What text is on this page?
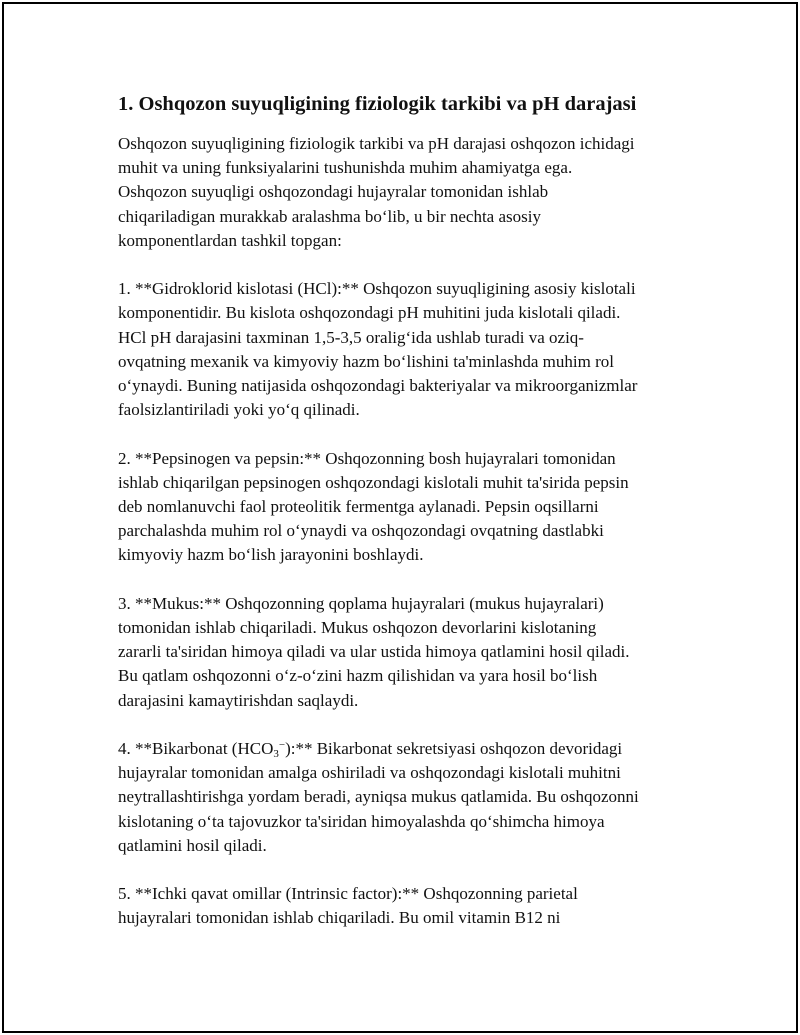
1. Oshqozon suyuqligining fiziologik tarkibi va pH darajasi

Oshqozon suyuqligining fiziologik tarkibi va pH darajasi oshqozon ichidagi
muhit va uning funksiyalarini tushunishda muhim ahamiyatga ega.
Oshqozon suyuqligi oshqozondagi hujayralar tomonidan ishlab
chiqariladigan murakkab aralashma bo‘lib, u bir nechta asosiy
komponentlardan tashkil topgan:

1. **Gidroklorid kislotasi (HCl):** Oshqozon suyuqligining asosiy kislotali
komponentidir. Bu kislota oshqozondagi pH muhitini juda kislotali qiladi.
HCl pH darajasini taxminan 1,5-3,5 oralig‘ida ushlab turadi va oziq-
ovqatning mexanik va kimyoviy hazm bo‘lishini ta'minlashda muhim rol
o‘ynaydi. Buning natijasida oshqozondagi bakteriyalar va mikroorganizmlar
faolsizlantiriladi yoki yo‘q qilinadi.

2. **Pepsinogen va pepsin:** Oshqozonning bosh hujayralari tomonidan
ishlab chiqarilgan pepsinogen oshqozondagi kislotali muhit ta'sirida pepsin
deb nomlanuvchi faol proteolitik fermentga aylanadi. Pepsin oqsillarni
parchalashda muhim rol o‘ynaydi va oshqozondagi ovqatning dastlabki
kimyoviy hazm bo‘lish jarayonini boshlaydi.

3. **Mukus:** Oshqozonning qoplama hujayralari (mukus hujayralari)
tomonidan ishlab chiqariladi. Mukus oshqozon devorlarini kislotaning
zararli ta'siridan himoya qiladi va ular ustida himoya qatlamini hosil qiladi.
Bu qatlam oshqozonni o‘z-o‘zini hazm qilishidan va yara hosil bo‘lish
darajasini kamaytirishdan saqlaydi.

4. **Bikarbonat $(HCO_3^-):**$ Bikarbonat sekretsiyasi oshqozon devoridagi
hujayralar tomonidan amalga oshiriladi va oshqozondagi kislotali muhitni
neytrallashtirishga yordam beradi, ayniqsa mukus qatlamida. Bu oshqozonni
kislotaning o‘ta tajovuzkor ta'siridan himoyalashda qo‘shimcha himoya
qatlamini hosil qiladi.

5. **Ichki qavat omillar (Intrinsic factor):** Oshqozonning parietal
hujayralari tomonidan ishlab chiqariladi. Bu omil vitamin B12 ni
